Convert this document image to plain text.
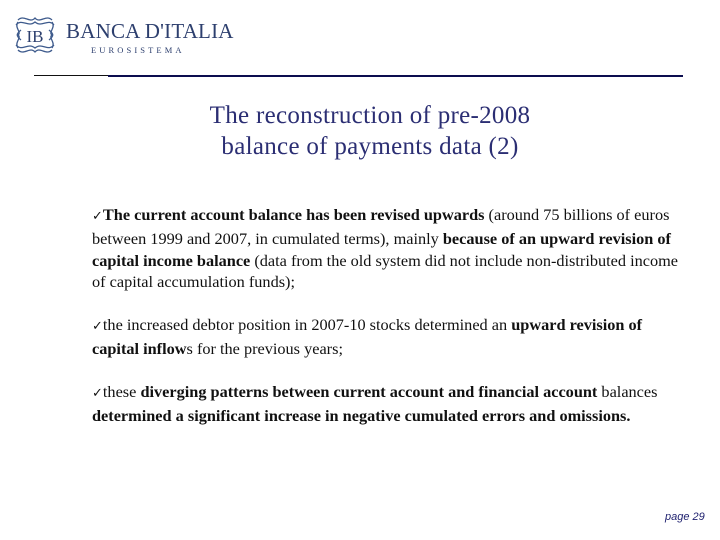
IB BANCA D'ITALIA
EUROSISTEMA
The reconstruction of pre-2008
balance of payments data (2)

✓The current account balance has been revised upwards (around 75 billions of euros between 1999 and 2007, in cumulated terms), mainly because of an upward revision of capital income balance (data from the old system did not include non-distributed income of capital accumulation funds);

✓the increased debtor position in 2007-10 stocks determined an upward revision of capital inflows for the previous years;

✓these diverging patterns between current account and financial account balances determined a significant increase in negative cumulated errors and omissions.

page 29
